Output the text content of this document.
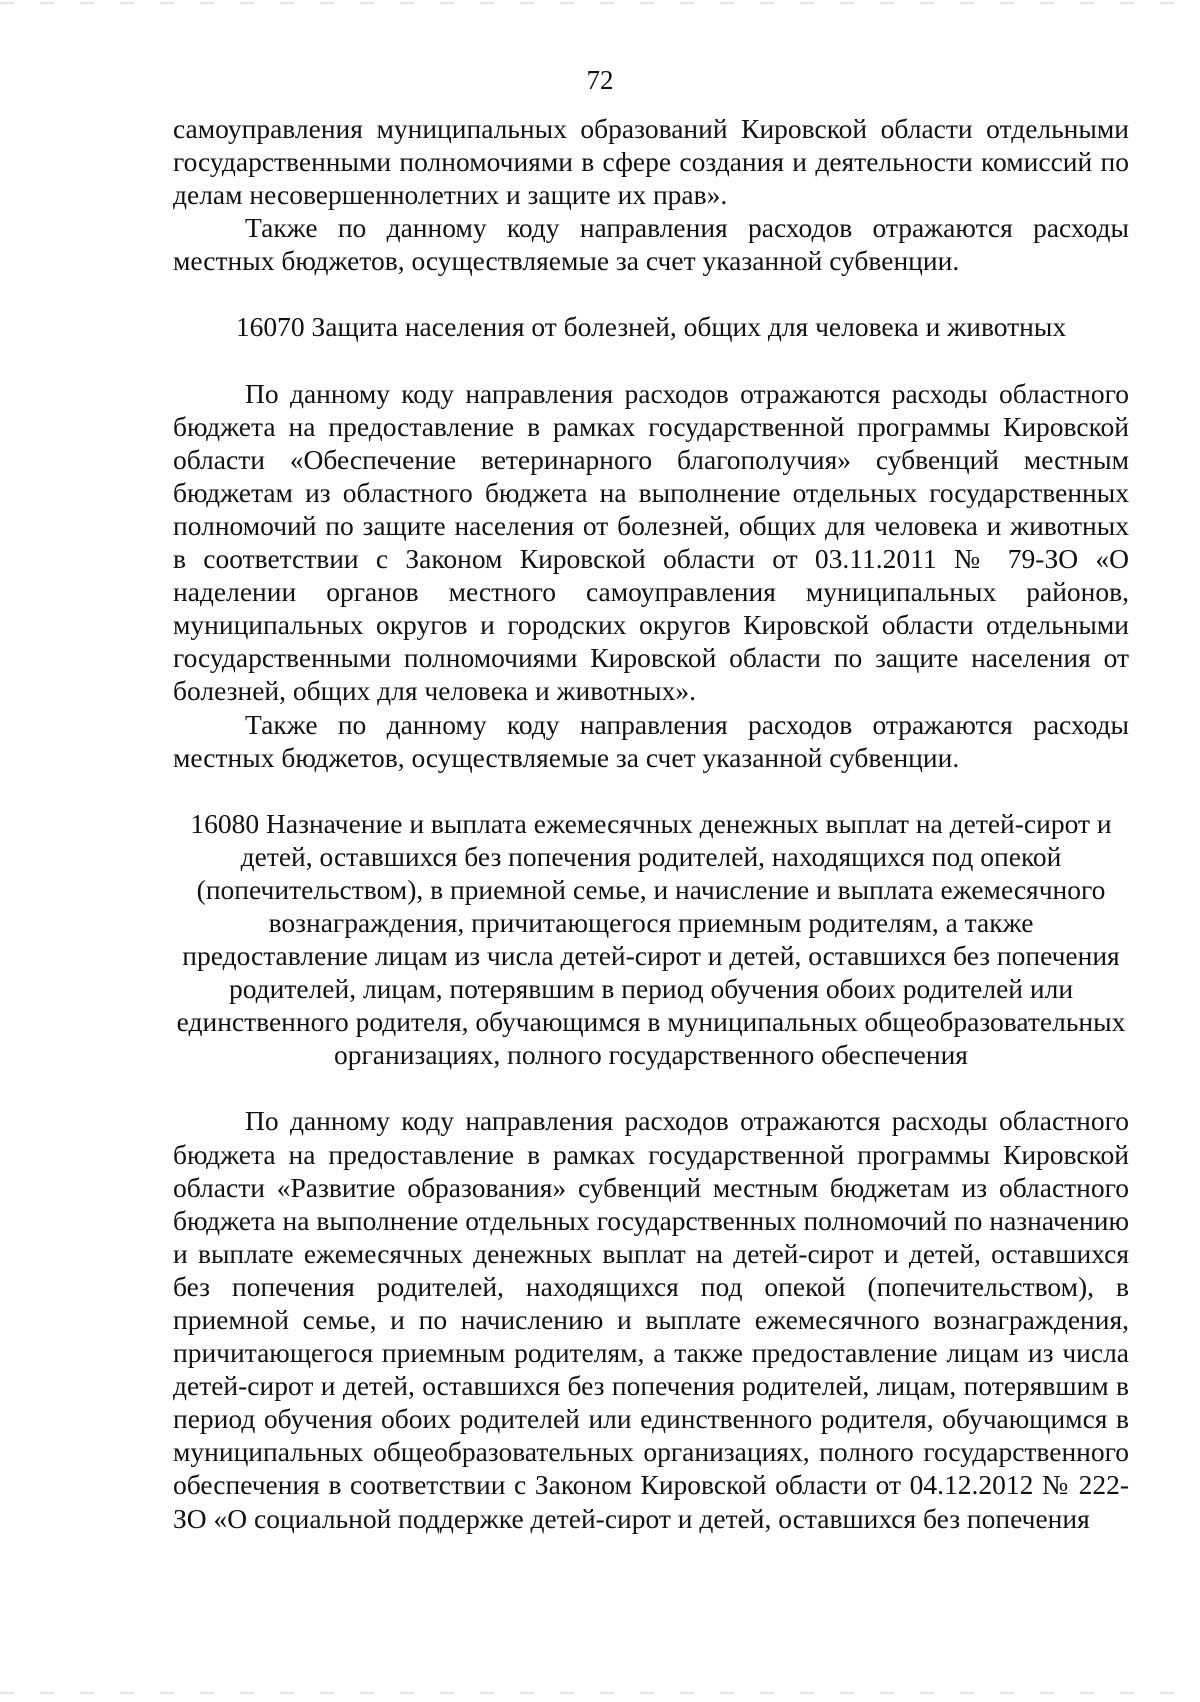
72

самоуправления муниципальных образований Кировской области отдельными государственными полномочиями в сфере создания и деятельности комиссий по делам несовершеннолетних и защите их прав».

Также по данному коду направления расходов отражаются расходы местных бюджетов, осуществляемые за счет указанной субвенции.

16070 Защита населения от болезней, общих для человека и животных

По данному коду направления расходов отражаются расходы областного бюджета на предоставление в рамках государственной программы Кировской области «Обеспечение ветеринарного благополучия» субвенций местным бюджетам из областного бюджета на выполнение отдельных государственных полномочий по защите населения от болезней, общих для человека и животных в соответствии с Законом Кировской области от 03.11.2011 № 79-ЗО «О наделении органов местного самоуправления муниципальных районов, муниципальных округов и городских округов Кировской области отдельными государственными полномочиями Кировской области по защите населения от болезней, общих для человека и животных».

Также по данному коду направления расходов отражаются расходы местных бюджетов, осуществляемые за счет указанной субвенции.

16080 Назначение и выплата ежемесячных денежных выплат на детей-сирот и детей, оставшихся без попечения родителей, находящихся под опекой (попечительством), в приемной семье, и начисление и выплата ежемесячного вознаграждения, причитающегося приемным родителям, а также предоставление лицам из числа детей-сирот и детей, оставшихся без попечения родителей, лицам, потерявшим в период обучения обоих родителей или единственного родителя, обучающимся в муниципальных общеобразовательных организациях, полного государственного обеспечения

По данному коду направления расходов отражаются расходы областного бюджета на предоставление в рамках государственной программы Кировской области «Развитие образования» субвенций местным бюджетам из областного бюджета на выполнение отдельных государственных полномочий по назначению и выплате ежемесячных денежных выплат на детей-сирот и детей, оставшихся без попечения родителей, находящихся под опекой (попечительством), в приемной семье, и по начислению и выплате ежемесячного вознаграждения, причитающегося приемным родителям, а также предоставление лицам из числа детей-сирот и детей, оставшихся без попечения родителей, лицам, потерявшим в период обучения обоих родителей или единственного родителя, обучающимся в муниципальных общеобразовательных организациях, полного государственного обеспечения в соответствии с Законом Кировской области от 04.12.2012 № 222-ЗО «О социальной поддержке детей-сирот и детей, оставшихся без попечения
